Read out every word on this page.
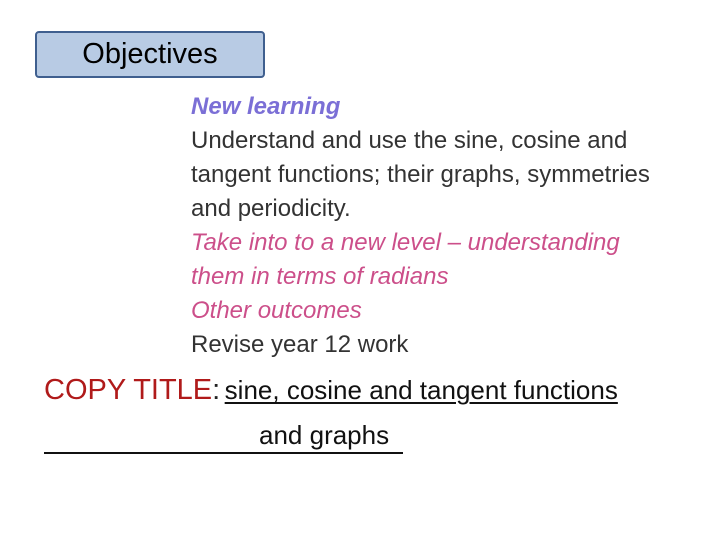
Objectives
New learning
Understand and use the sine, cosine and
tangent functions; their graphs, symmetries
and periodicity.
Take into to a new level – understanding
them in terms of radians
Other outcomes
Revise year 12 work
COPY TITLE: sine, cosine and tangent functions
and graphs
